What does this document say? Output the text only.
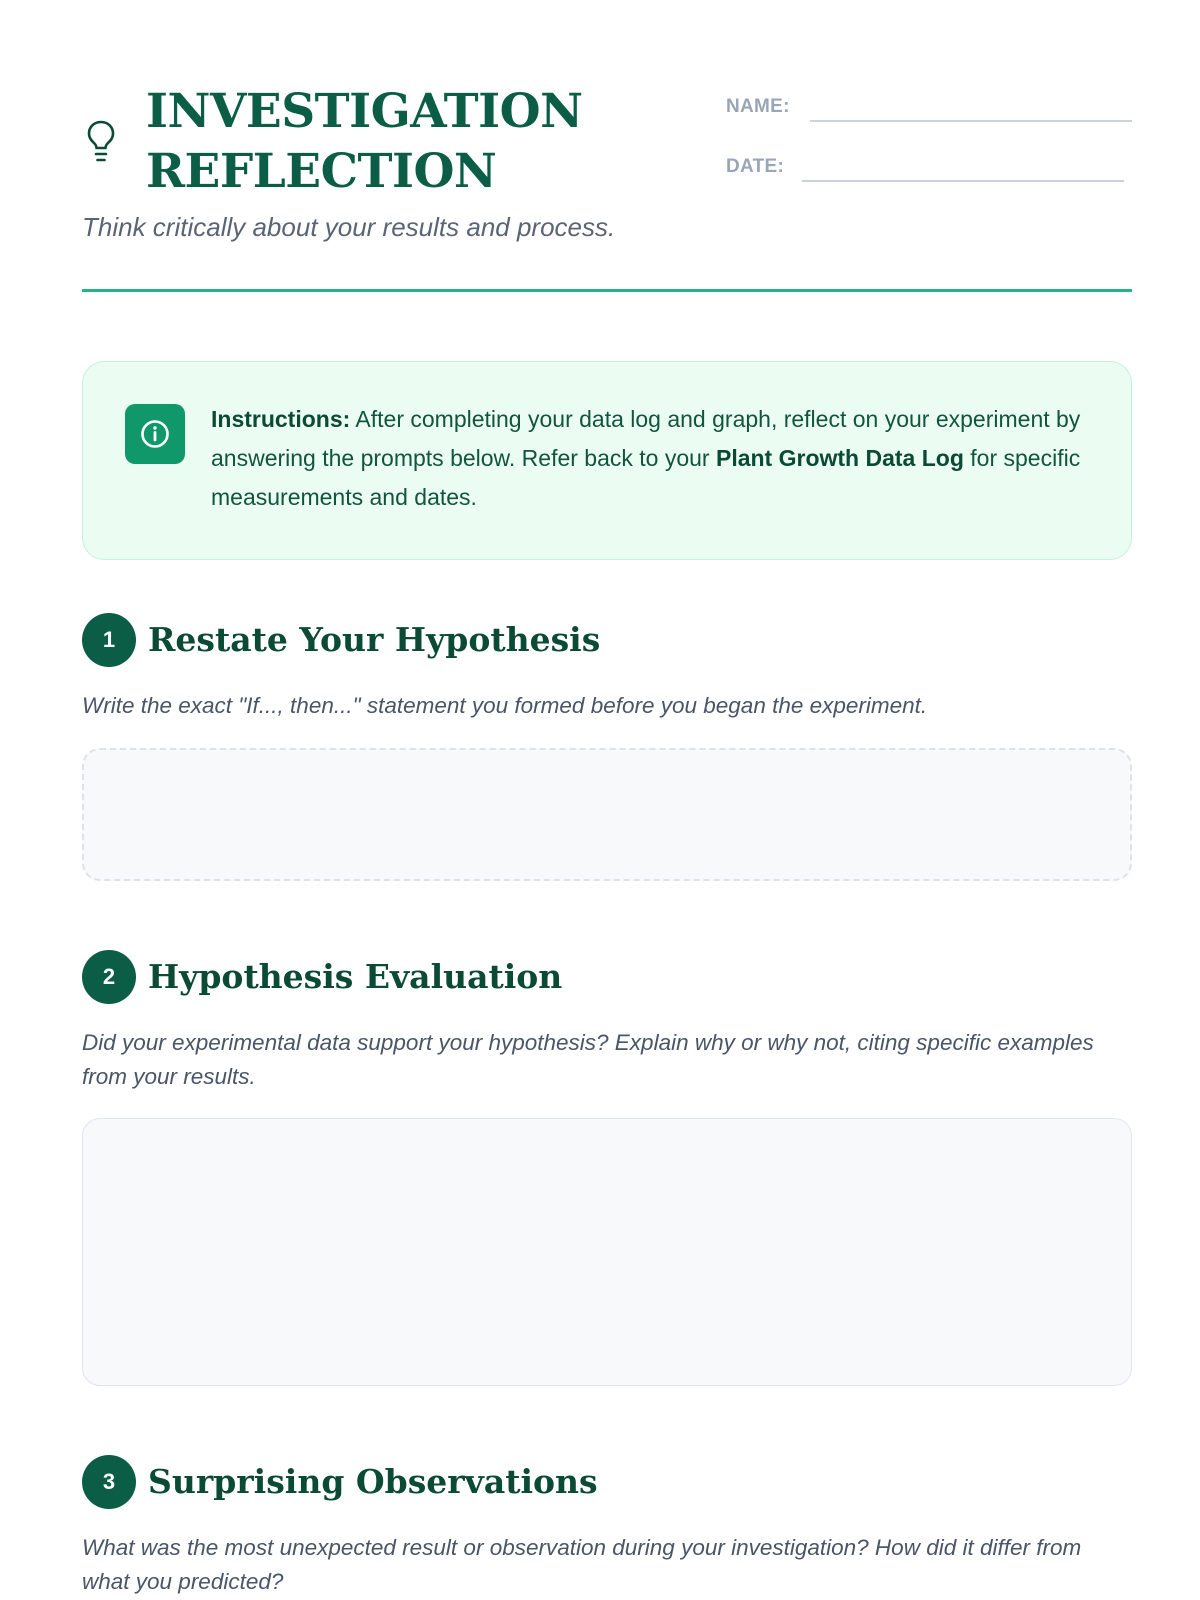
INVESTIGATION
REFLECTION
Think critically about your results and process.
NAME:
DATE:
Instructions: After completing your data log and graph, reflect on your experiment by answering the prompts below. Refer back to your Plant Growth Data Log for specific measurements and dates.
1 Restate Your Hypothesis
Write the exact "If..., then..." statement you formed before you began the experiment.
2 Hypothesis Evaluation
Did your experimental data support your hypothesis? Explain why or why not, citing specific examples from your results.
3 Surprising Observations
What was the most unexpected result or observation during your investigation? How did it differ from what you predicted?
